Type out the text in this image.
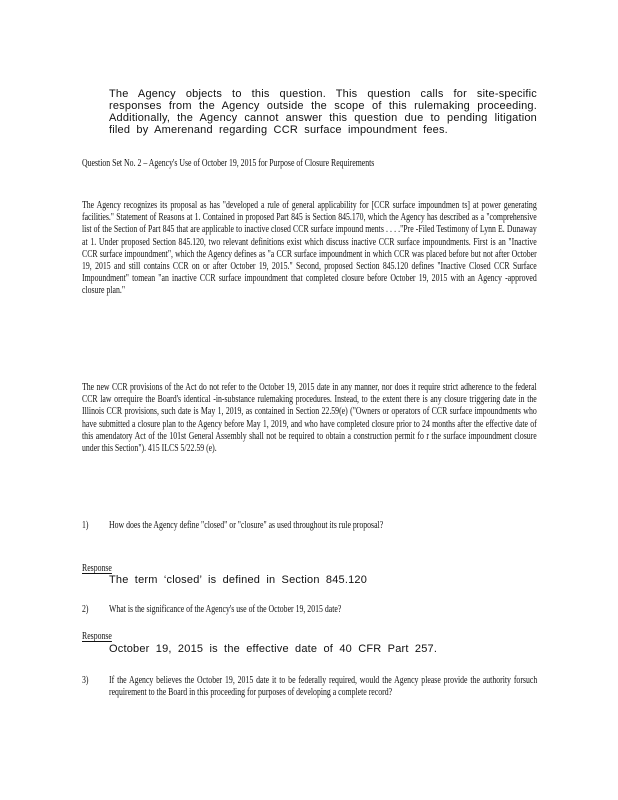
The Agency objects to this question. This question calls for site-specific responses from the Agency outside the scope of this rulemaking proceeding. Additionally, the Agency cannot answer this question due to pending litigation filed by Amerenand regarding CCR surface impoundment fees.
Question Set No. 2 – Agency's Use of October 19, 2015 for Purpose of Closure Requirements
The Agency recognizes its proposal as has "developed a rule of general applicability for [CCR surface impoundmen ts] at power generating facilities." Statement of Reasons at 1. Contained in proposed Part 845 is Section 845.170, which the Agency has described as a "comprehensive list of the Section of Part 845 that are applicable to inactive closed CCR surface impound ments . . . ."Pre -Filed Testimony of Lynn E. Dunaway at 1. Under proposed Section 845.120, two relevant definitions exist which discuss inactive CCR surface impoundments. First is an "Inactive CCR surface impoundment", which the Agency defines as "a CCR surface impoundment in which CCR was placed before but not after October 19, 2015 and still contains CCR on or after October 19, 2015." Second, proposed Section 845.120 defines "Inactive Closed CCR Surface Impoundment" tomean "an inactive CCR surface impoundment that completed closure before October 19, 2015 with an Agency -approved closure plan."
The new CCR provisions of the Act do not refer to the October 19, 2015 date in any manner, nor does it require strict adherence to the federal CCR law orrequire the Board's identical -in-substance rulemaking procedures. Instead, to the extent there is any closure triggering date in the Illinois CCR provisions, such date is May 1, 2019, as contained in Section 22.59(e) ("Owners or operators of CCR surface impoundments who have submitted a closure plan to the Agency before May 1, 2019, and who have completed closure prior to 24 months after the effective date of this amendatory Act of the 101st General Assembly shall not be required to obtain a construction permit fo r the surface impoundment closure under this Section"). 415 ILCS 5/22.59 (e).
1) How does the Agency define "closed" or "closure" as used throughout its rule proposal?
Response
The term ‘closed’ is defined in Section 845.120
2) What is the significance of the Agency's use of the October 19, 2015 date?
Response
October 19, 2015 is the effective date of 40 CFR Part 257.
3) If the Agency believes the October 19, 2015 date it to be federally required, would the Agency please provide the authority forsuch requirement to the Board in this proceeding for purposes of developing a complete record?
